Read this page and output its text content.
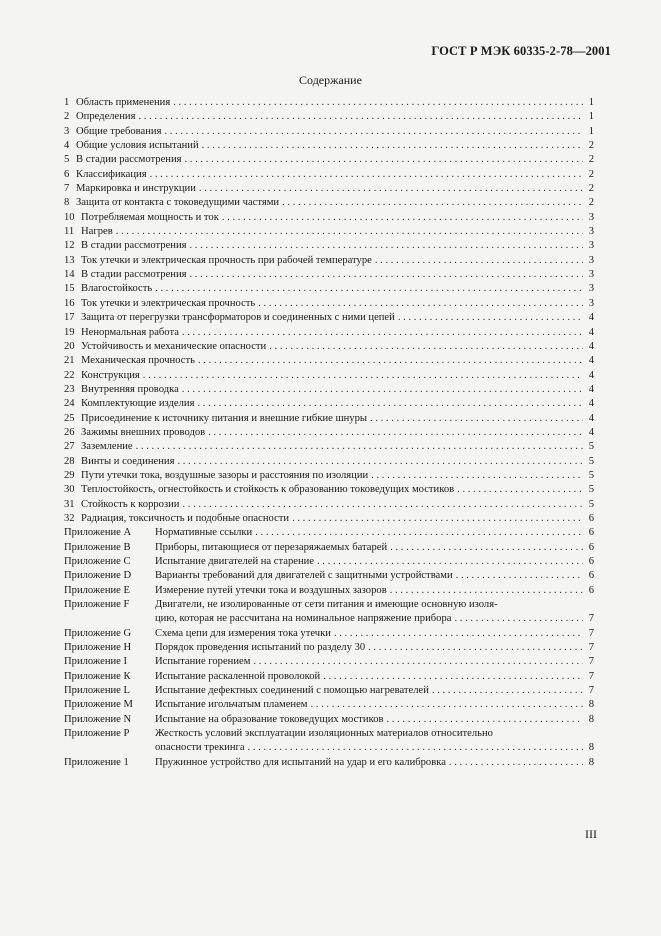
ГОСТ Р МЭК 60335-2-78—2001
Содержание
1 Область применения . . .	1
2 Определения . . .	1
3 Общие требования . . .	1
4 Общие условия испытаний . . .	2
5 В стадии рассмотрения . . .	2
6 Классификация . . .	2
7 Маркировка и инструкции . . .	2
8 Защита от контакта с токоведущими частями . . .	2
10 Потребляемая мощность и ток . . .	3
11 Нагрев . . .	3
12 В стадии рассмотрения . . .	3
13 Ток утечки и электрическая прочность при рабочей температуре . . .	3
14 В стадии рассмотрения . . .	3
15 Влагостойкость . . .	3
16 Ток утечки и электрическая прочность . . .	3
17 Защита от перегрузки трансформаторов и соединенных с ними цепей . . .	4
19 Ненормальная работа . . .	4
20 Устойчивость и механические опасности . . .	4
21 Механическая прочность . . .	4
22 Конструкция . . .	4
23 Внутренняя проводка . . .	4
24 Комплектующие изделия . . .	4
25 Присоединение к источнику питания и внешние гибкие шнуры . . .	4
26 Зажимы внешних проводов . . .	4
27 Заземление . . .	5
28 Винты и соединения . . .	5
29 Пути утечки тока, воздушные зазоры и расстояния по изоляции . . .	5
30 Теплостойкость, огнестойкость и стойкость к образованию токоведущих мостиков . . .	5
31 Стойкость к коррозии . . .	5
32 Радиация, токсичность и подобные опасности . . .	6
Приложение А	Нормативные ссылки . . .	6
Приложение В	Приборы, питающиеся от перезаряжаемых батарей . . .	6
Приложение С	Испытание двигателей на старение . . .	6
Приложение D	Варианты требований для двигателей с защитными устройствами . . .	6
Приложение Е	Измерение путей утечки тока и воздушных зазоров . . .	6
Приложение F	Двигатели, не изолированные от сети питания и имеющие основную изоля-
цию, которая не рассчитана на номинальное напряжение прибора . . .	7
Приложение G	Схема цепи для измерения тока утечки . . .	7
Приложение Н	Порядок проведения испытаний по разделу 30 . . .	7
Приложение I	Испытание горением . . .	7
Приложение К	Испытание раскаленной проволокой . . .	7
Приложение L	Испытание дефектных соединений с помощью нагревателей . . .	7
Приложение М	Испытание игольчатым пламенем . . .	8
Приложение N	Испытание на образование токоведущих мостиков . . .	8
Приложение Р	Жесткость условий эксплуатации изоляционных материалов относительно
опасности трекинга . . .	8
Приложение 1	Пружинное устройство для испытаний на удар и его калибровка . . .	8
III
